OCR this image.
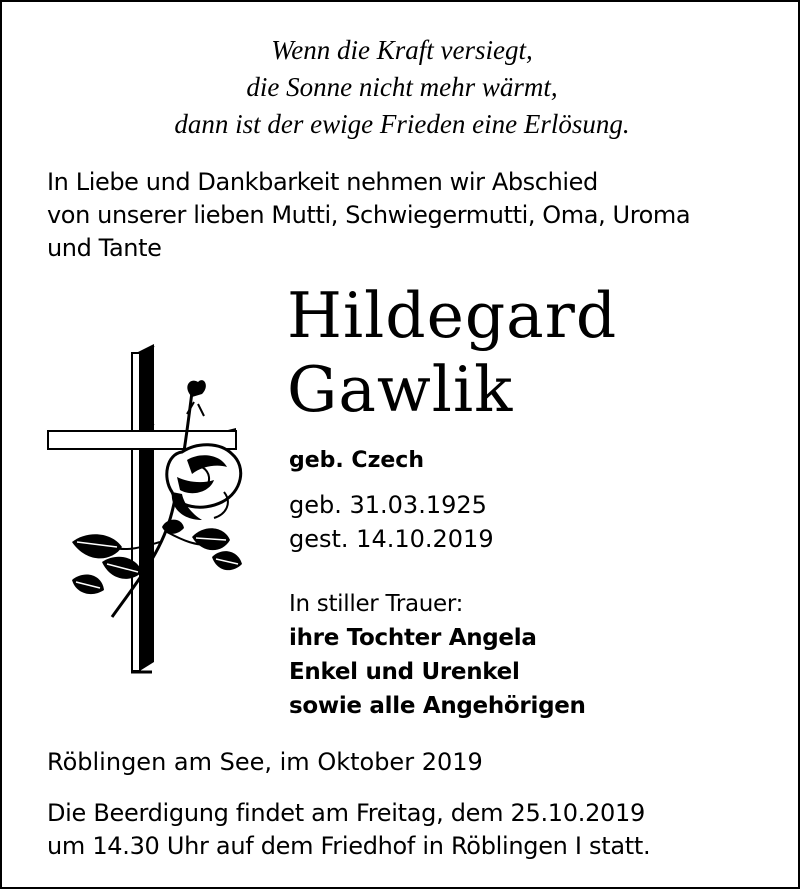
Wenn die Kraft versiegt,
die Sonne nicht mehr wärmt,
dann ist der ewige Frieden eine Erlösung.
In Liebe und Dankbarkeit nehmen wir Abschied
von unserer lieben Mutti, Schwiegermutti, Oma, Uroma
und Tante
Hildegard
Gawlik
geb. Czech
geb. 31.03.1925
gest. 14.10.2019
In stiller Trauer:
ihre Tochter Angela
Enkel und Urenkel
sowie alle Angehörigen
Röblingen am See, im Oktober 2019
Die Beerdigung findet am Freitag, dem 25.10.2019
um 14.30 Uhr auf dem Friedhof in Röblingen I statt.
